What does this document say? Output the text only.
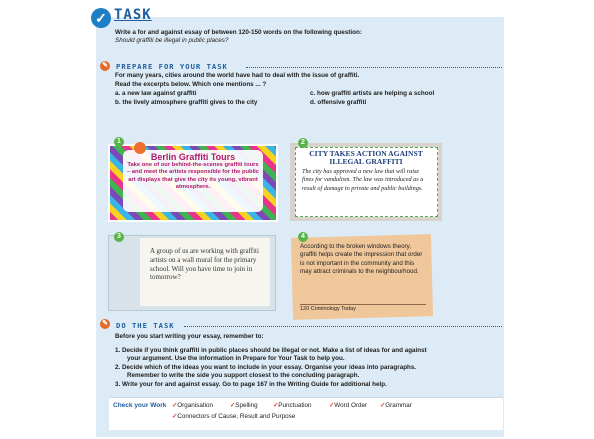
✓ TASK
Write a for and against essay of between 120-150 words on the following question:
Should graffiti be illegal in public places?
✎ PREPARE FOR YOUR TASK
For many years, cities around the world have had to deal with the issue of graffiti.
Read the excerpts below. Which one mentions ... ?
a. a new law against graffiti	c. how graffiti artists are helping a school
b. the lively atmosphere graffiti gives to the city	d. offensive graffiti
1
Berlin Graffiti Tours
Take one of our behind-the-scenes graffiti tours – and meet the artists responsible for the public art displays that give the city its young, vibrant atmosphere.
2
CITY TAKES ACTION AGAINST ILLEGAL GRAFFITI
The city has approved a new law that will raise fines for vandalism. The law was introduced as a result of damage to private and public buildings.
3
A group of us are working with graffiti artists on a wall mural for the primary school. Will you have time to join in tomorrow?
4
According to the broken windows theory, graffiti helps create the impression that order is not important in the community and this may attract criminals to the neighbourhood.
120 Criminology Today
✎ DO THE TASK
Before you start writing your essay, remember to:
1. Decide if you think graffiti in public places should be illegal or not. Make a list of ideas for and against
your argument. Use the information in Prepare for Your Task to help you.
2. Decide which of the ideas you want to include in your essay. Organise your ideas into paragraphs.
Remember to write the side you support closest to the concluding paragraph.
3. Write your for and against essay. Go to page 167 in the Writing Guide for additional help.
Check your Work ✓Organisation	✓Spelling ✓Punctuation	✓Word Order ✓Grammar
✓Connectors of Cause, Result and Purpose
